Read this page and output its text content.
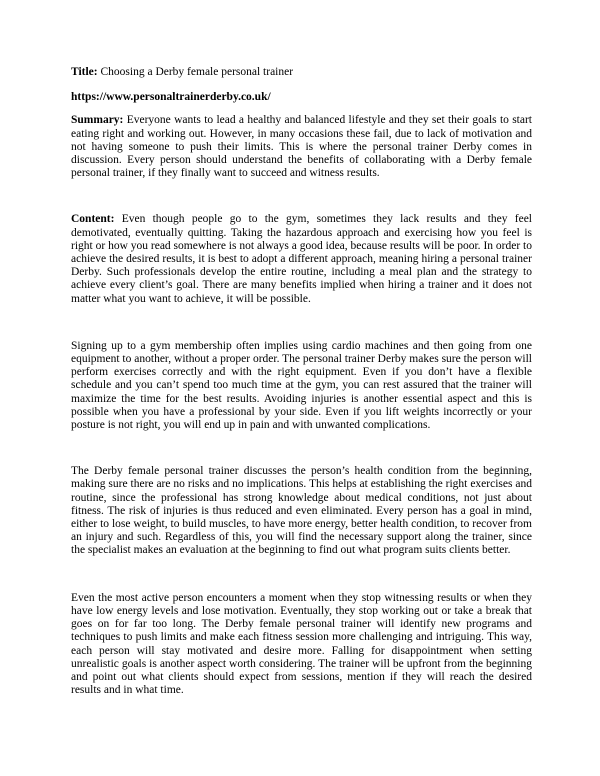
Title: Choosing a Derby female personal trainer

https://www.personaltrainerderby.co.uk/

Summary: Everyone wants to lead a healthy and balanced lifestyle and they set their goals to start eating right and working out. However, in many occasions these fail, due to lack of motivation and not having someone to push their limits. This is where the personal trainer Derby comes in discussion. Every person should understand the benefits of collaborating with a Derby female personal trainer, if they finally want to succeed and witness results.

Content: Even though people go to the gym, sometimes they lack results and they feel demotivated, eventually quitting. Taking the hazardous approach and exercising how you feel is right or how you read somewhere is not always a good idea, because results will be poor. In order to achieve the desired results, it is best to adopt a different approach, meaning hiring a personal trainer Derby. Such professionals develop the entire routine, including a meal plan and the strategy to achieve every client’s goal. There are many benefits implied when hiring a trainer and it does not matter what you want to achieve, it will be possible.

Signing up to a gym membership often implies using cardio machines and then going from one equipment to another, without a proper order. The personal trainer Derby makes sure the person will perform exercises correctly and with the right equipment. Even if you don’t have a flexible schedule and you can’t spend too much time at the gym, you can rest assured that the trainer will maximize the time for the best results. Avoiding injuries is another essential aspect and this is possible when you have a professional by your side. Even if you lift weights incorrectly or your posture is not right, you will end up in pain and with unwanted complications.

The Derby female personal trainer discusses the person’s health condition from the beginning, making sure there are no risks and no implications. This helps at establishing the right exercises and routine, since the professional has strong knowledge about medical conditions, not just about fitness. The risk of injuries is thus reduced and even eliminated. Every person has a goal in mind, either to lose weight, to build muscles, to have more energy, better health condition, to recover from an injury and such. Regardless of this, you will find the necessary support along the trainer, since the specialist makes an evaluation at the beginning to find out what program suits clients better.

Even the most active person encounters a moment when they stop witnessing results or when they have low energy levels and lose motivation. Eventually, they stop working out or take a break that goes on for far too long. The Derby female personal trainer will identify new programs and techniques to push limits and make each fitness session more challenging and intriguing. This way, each person will stay motivated and desire more. Falling for disappointment when setting unrealistic goals is another aspect worth considering. The trainer will be upfront from the beginning and point out what clients should expect from sessions, mention if they will reach the desired results and in what time.
